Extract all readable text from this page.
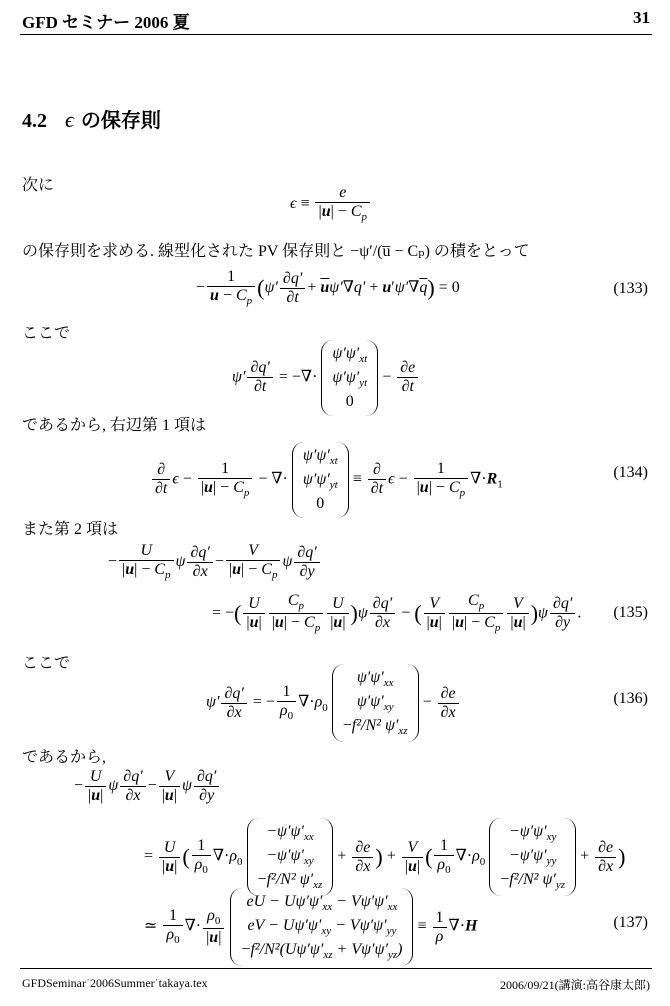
GFD セミナー 2006 夏	31
4.2 ϵ の保存則
次に
$\epsilon \equiv \frac{e}{|\overline{u}| - C_p}$
の保存則を求める. 線型化された PV 保存則と −ψ′/(u̅ − Cₚ) の積をとって
− $\frac{1}{\overline{u} - C_p} (\psi' \frac{\partial q'}{\partial t} + \overline{u}\psi'\nabla q' + u'\psi'\nabla\overline{q}) = 0$	(133)
ここで
$\psi' \frac{\partial q'}{\partial t}$ = −∇· $\psi'\psi'_{xt}$
$\psi'\psi'_{yt}$
$0 - \frac{\partial e}{\partial t}$
であるから, 右辺第 1 項は
$\frac{\partial}{\partial t}$ $\epsilon - \frac{1}{|\overline{u}| - C_p}$ − ∇· $\psi'\psi'_{xt}$
$\psi'\psi'_{yt}$
$0 \equiv \frac{\partial}{\partial t}$ $\epsilon - \frac{1}{|\overline{u}| - C_p} \nabla\cdot R_1$
(134)
また第 2 項は
− $\frac{U}{|\overline{u}| - C_p}$ ψ $\frac{\partial q'}{\partial x} - \frac{V}{|\overline{u}| - C_p}$ ψ $\frac{\partial q'}{\partial y}$
= −( $\frac{U}{|\overline{u}|} \frac{C_p}{|\overline{u}| - C_p} \frac{U}{|\overline{u}|} )\psi \frac{\partial q'}{\partial x}$ − ( $\frac{V}{|\overline{u}|} \frac{C_p}{|\overline{u}| - C_p} \frac{V}{|\overline{u}|} )\psi \frac{\partial q'}{\partial y}$ . (135)
ここで
$\psi' \frac{\partial q'}{\partial x}$ = − $\frac{1}{\rho_0} \nabla\cdot\rho_0$ $\psi'\psi'_{xx}$
$\psi'\psi'_{xy}$
−f²/N² $\psi'_{xz} - \frac{\partial e}{\partial x}$	(136)
であるから,
− $\frac{U}{|\overline{u}|}$ ψ $\frac{\partial q'}{\partial x} - \frac{V}{|\overline{u}|}$ ψ $\frac{\partial q'}{\partial y}$
= $\frac{U}{|\overline{u}|}$ ( $\frac{1}{\rho_0} \nabla\cdot\rho_0 -\psi'\psi'_{xx}$
$-\psi'\psi'_{xy}$
−f²/N² $\psi'_{xz} + \frac{\partial e}{\partial x}$ ) + $\frac{V}{|\overline{u}|}$ ( $\frac{1}{\rho_0} \nabla\cdot\rho_0 -\psi'\psi'_{xy}$
$-\psi'\psi'_{yy}$
−f²/N² $\psi'_{yz} + \frac{\partial e}{\partial x}$ )
≃ $\frac{1}{\rho_0}$ ∇· $\frac{\rho_0}{|\overline{u}|}$
eU − $U\psi'\psi'_{xx} - V\psi'\psi'_{xx}$
eV − $U\psi'\psi'_{xy} - V\psi'\psi'_{yy}$
$-f^2/N^2(U\psi'\psi'_{xz} + V\psi'\psi'_{yz}) \equiv \frac{1}{\rho} \nabla\cdot H$	(137)
GFDSeminar˙2006Summer˙takaya.tex	2006/09/21(講演:高谷康太郎)
